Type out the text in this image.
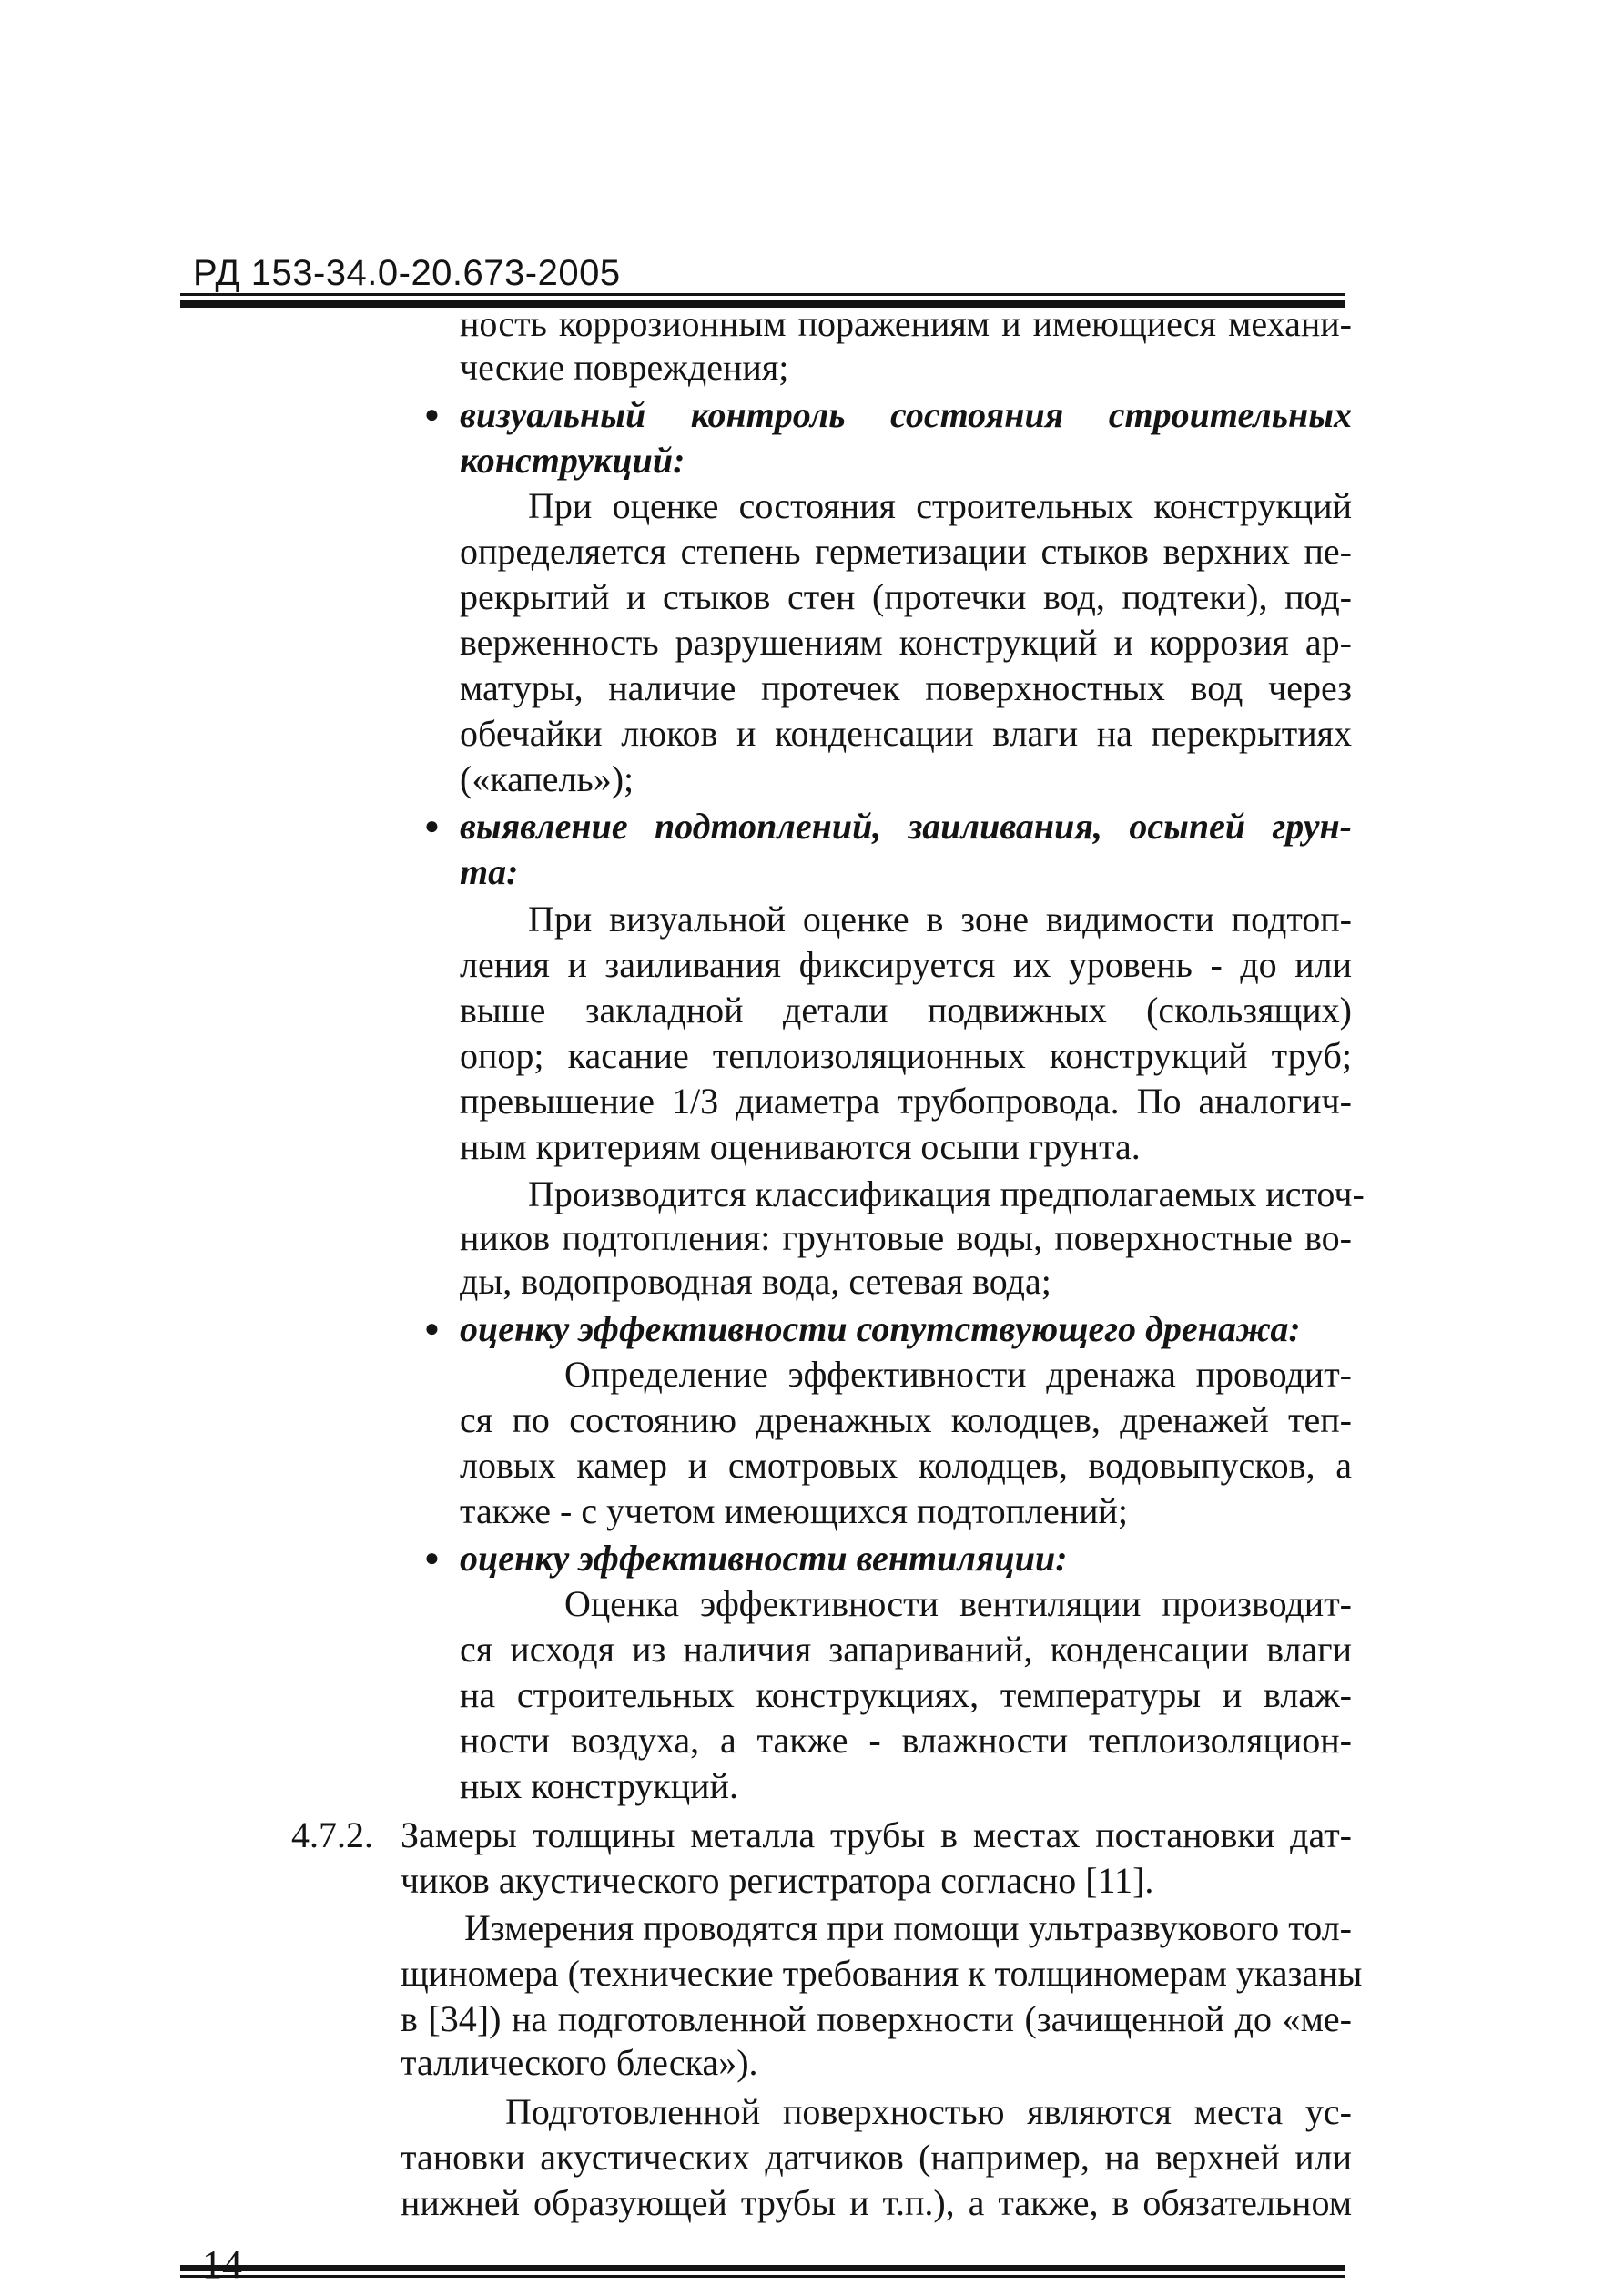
РД 153-34.0-20.673-2005
ность коррозионным поражениям и имеющиеся механи-
ческие повреждения;
визуальный контроль состояния строительных
конструкций:
При оценке состояния строительных конструкций
определяется степень герметизации стыков верхних пе-
рекрытий и стыков стен (протечки вод, подтеки), под-
верженность разрушениям конструкций и коррозия ар-
матуры, наличие протечек поверхностных вод через
обечайки люков и конденсации влаги на перекрытиях
(«капель»);
выявление подтоплений, заиливания, осыпей грун-
та:
При визуальной оценке в зоне видимости подтоп-
ления и заиливания фиксируется их уровень - до или
выше закладной детали подвижных (скользящих)
опор; касание теплоизоляционных конструкций труб;
превышение 1/3 диаметра трубопровода. По аналогич-
ным критериям оцениваются осыпи грунта.
Производится классификация предполагаемых источ-
ников подтопления: грунтовые воды, поверхностные во-
ды, водопроводная вода, сетевая вода;
оценку эффективности сопутствующего дренажа:
Определение эффективности дренажа проводит-
ся по состоянию дренажных колодцев, дренажей теп-
ловых камер и смотровых колодцев, водовыпусков, а
также - с учетом имеющихся подтоплений;
оценку эффективности вентиляции:
Оценка эффективности вентиляции производит-
ся исходя из наличия запариваний, конденсации влаги
на строительных конструкциях, температуры и влаж-
ности воздуха, а также - влажности теплоизоляцион-
ных конструкций.
4.7.2. Замеры толщины металла трубы в местах постановки дат-
чиков акустического регистратора согласно [11].
Измерения проводятся при помощи ультразвукового тол-
щиномера (технические требования к толщиномерам указаны
в [34]) на подготовленной поверхности (зачищенной до «ме-
таллического блеска»).
Подготовленной поверхностью являются места ус-
тановки акустических датчиков (например, на верхней или
нижней образующей трубы и т.п.), а также, в обязательном
●
●
●
●
14
